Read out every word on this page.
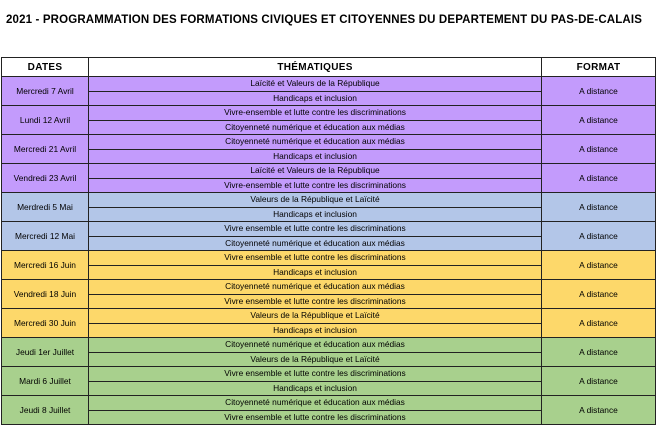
2021 - PROGRAMMATION DES FORMATIONS CIVIQUES ET CITOYENNES DU DEPARTEMENT DU PAS-DE-CALAIS
DATES	THÉMATIQUES	FORMAT
Mercredi 7 Avril	Laïcité et Valeurs de la République	A distance
	Handicaps et inclusion	
Lundi 12 Avril	Vivre-ensemble et lutte contre les discriminations	A distance
	Citoyenneté numérique et éducation aux médias	
Mercredi 21 Avril	Citoyenneté numérique et éducation aux médias	A distance
	Handicaps et inclusion	
Vendredi 23 Avril	Laïcité et Valeurs de la République	A distance
	Vivre-ensemble et lutte contre les discriminations	
Merdredi 5 Mai	Valeurs de la République et Laïcité	A distance
	Handicaps et inclusion	
Mercredi 12 Mai	Vivre ensemble et lutte contre les discriminations	A distance
	Citoyenneté numérique et éducation aux médias	
Mercredi 16 Juin	Vivre ensemble et lutte contre les discriminations	A distance
	Handicaps et inclusion	
Vendredi 18 Juin	Citoyenneté numérique et éducation aux médias	A distance
	Vivre ensemble et lutte contre les discriminations	
Mercredi 30 Juin	Valeurs de la République et Laïcité	A distance
	Handicaps et inclusion	
Jeudi 1er Juillet	Citoyenneté numérique et éducation aux médias	A distance
	Valeurs de la République et Laïcité	
Mardi 6 Juillet	Vivre ensemble et lutte contre les discriminations	A distance
	Handicaps et inclusion	
Jeudi 8 Juillet	Citoyenneté numérique et éducation aux médias	A distance
	Vivre ensemble et lutte contre les discriminations	
